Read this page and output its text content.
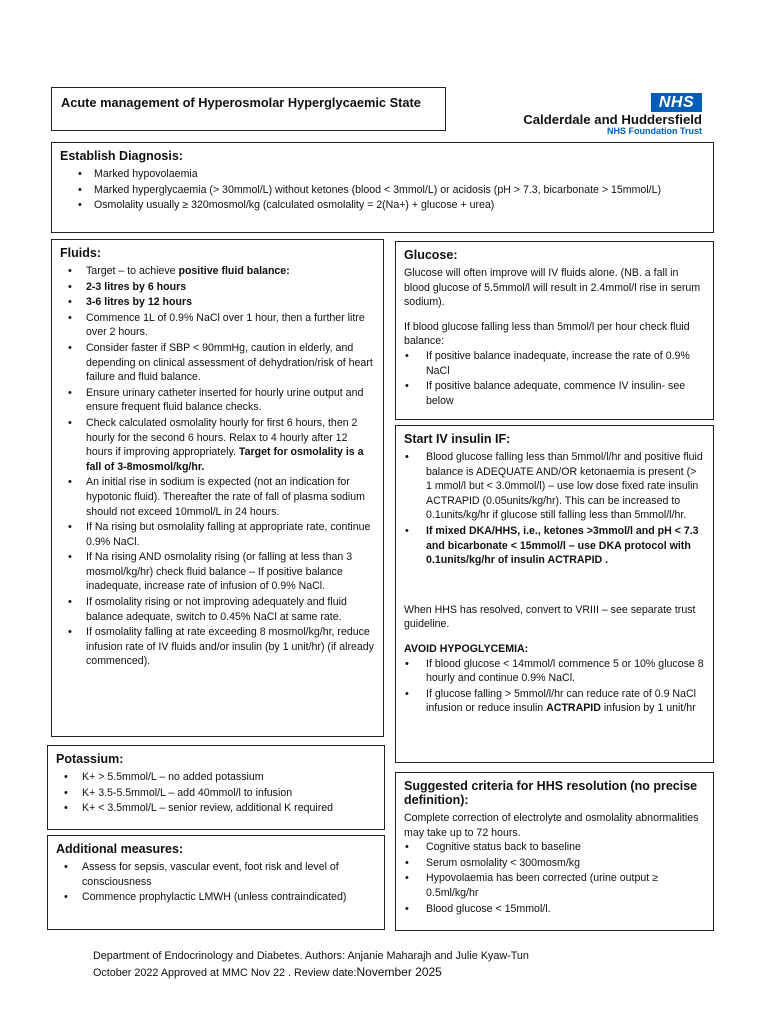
Acute management of Hyperosmolar Hyperglycaemic State	NHS
Calderdale and Huddersfield
NHS Foundation Trust
Establish Diagnosis:
• Marked hypovolaemia
• Marked hyperglycaemia (> 30mmol/L) without ketones (blood < 3mmol/L) or acidosis (pH > 7.3, bicarbonate > 15mmol/L)
• Osmolality usually ≥ 320mosmol/kg (calculated osmolality = 2(Na+) + glucose + urea)
Fluids:
• Target – to achieve positive fluid balance:
• 2-3 litres by 6 hours
• 3-6 litres by 12 hours
• Commence 1L of 0.9% NaCl over 1 hour, then a further litre over 2 hours.
• Consider faster if SBP < 90mmHg, caution in elderly, and depending on clinical assessment of dehydration/risk of heart failure and fluid balance.
• Ensure urinary catheter inserted for hourly urine output and ensure frequent fluid balance checks.
• Check calculated osmolality hourly for first 6 hours, then 2 hourly for the second 6 hours. Relax to 4 hourly after 12 hours if improving appropriately. Target for osmolality is a fall of 3-8mosmol/kg/hr.
• An initial rise in sodium is expected (not an indication for hypotonic fluid). Thereafter the rate of fall of plasma sodium should not exceed 10mmol/L in 24 hours.
• If Na rising but osmolality falling at appropriate rate, continue 0.9% NaCl.
• If Na rising AND osmolality rising (or falling at less than 3 mosmol/kg/hr) check fluid balance – If positive balance inadequate, increase rate of infusion of 0.9% NaCl.
• If osmolality rising or not improving adequately and fluid balance adequate, switch to 0.45% NaCl at same rate.
• If osmolality falling at rate exceeding 8 mosmol/kg/hr, reduce infusion rate of IV fluids and/or insulin (by 1 unit/hr) (if already commenced).
Glucose:

Glucose will often improve will IV fluids alone. (NB. a fall in blood glucose of 5.5mmol/l will result in 2.4mmol/l rise in serum sodium).

If blood glucose falling less than 5mmol/l per hour check fluid balance:

• If positive balance inadequate, increase the rate of 0.9% NaCl
• If positive balance adequate, commence IV insulin- see below
Start IV insulin IF:
• Blood glucose falling less than 5mmol/l/hr and positive fluid balance is ADEQUATE AND/OR ketonaemia is present (> 1 mmol/l but < 3.0mmol/l) – use low dose fixed rate insulin ACTRAPID (0.05units/kg/hr). This can be increased to 0.1units/kg/hr if glucose still falling less than 5mmol/l/hr.
• If mixed DKA/HHS, i.e., ketones >3mmol/l and pH < 7.3 and bicarbonate < 15mmol/l – use DKA protocol with 0.1units/kg/hr of insulin ACTRAPID .

When HHS has resolved, convert to VRIII – see separate trust guideline.

AVOID HYPOGLYCEMIA:

• If blood glucose < 14mmol/l commence 5 or 10% glucose 8 hourly and continue 0.9% NaCl.
• If glucose falling > 5mmol/l/hr can reduce rate of 0.9 NaCl infusion or reduce insulin ACTRAPID infusion by 1 unit/hr
Potassium:
• K+ > 5.5mmol/L – no added potassium
• K+ 3.5-5.5mmol/L – add 40mmol/l to infusion
• K+ < 3.5mmol/L – senior review, additional K required
Additional measures:
• Assess for sepsis, vascular event, foot risk and level of consciousness
• Commence prophylactic LMWH (unless contraindicated)
Suggested criteria for HHS resolution (no precise definition):

Complete correction of electrolyte and osmolality abnormalities may take up to 72 hours.

• Cognitive status back to baseline
• Serum osmolality < 300mosm/kg
• Hypovolaemia has been corrected (urine output ≥ 0.5ml/kg/hr
• Blood glucose < 15mmol/l.
Department of Endocrinology and Diabetes. Authors: Anjanie Maharajh and Julie Kyaw-Tun
October 2022 Approved at MMC Nov 22 . Review date:November 2025
